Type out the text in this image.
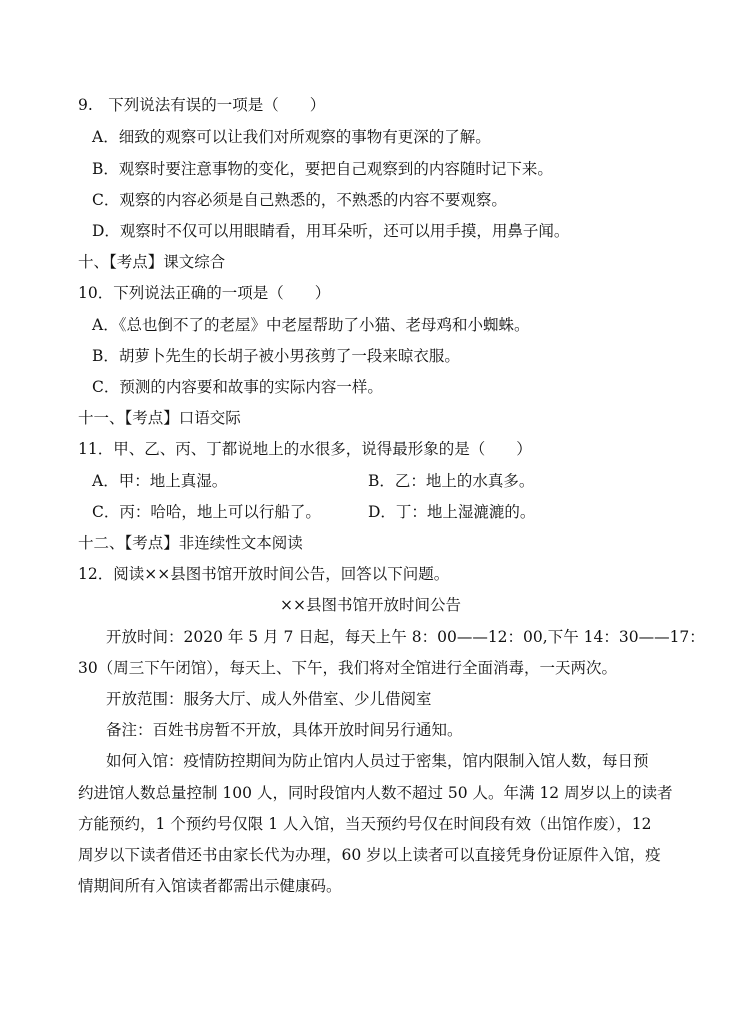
9.　下列说法有误的一项是（　　）
A．细致的观察可以让我们对所观察的事物有更深的了解。
B．观察时要注意事物的变化，要把自己观察到的内容随时记下来。
C．观察的内容必须是自己熟悉的，不熟悉的内容不要观察。
D．观察时不仅可以用眼睛看，用耳朵听，还可以用手摸，用鼻子闻。
十、【考点】课文综合
10．下列说法正确的一项是（　　）
A．《总也倒不了的老屋》中老屋帮助了小猫、老母鸡和小蜘蛛。
B．胡萝卜先生的长胡子被小男孩剪了一段来晾衣服。
C．预测的内容要和故事的实际内容一样。
十一、【考点】口语交际
11．甲、乙、丙、丁都说地上的水很多，说得最形象的是（　　）
A．甲：地上真湿。	B．乙：地上的水真多。
C．丙：哈哈，地上可以行船了。	D．丁：地上湿漉漉的。
十二、【考点】非连续性文本阅读
12．阅读××县图书馆开放时间公告，回答以下问题。
××县图书馆开放时间公告
开放时间：2020 年 5 月 7 日起，每天上午 8：00——12：00,下午 14：30——17：
30（周三下午闭馆），每天上、下午，我们将对全馆进行全面消毒，一天两次。
开放范围：服务大厅、成人外借室、少儿借阅室
备注：百姓书房暂不开放，具体开放时间另行通知。
如何入馆：疫情防控期间为防止馆内人员过于密集，馆内限制入馆人数，每日预
约进馆人数总量控制 100 人，同时段馆内人数不超过 50 人。年满 12 周岁以上的读者
方能预约，1 个预约号仅限 1 人入馆，当天预约号仅在时间段有效（出馆作废），12
周岁以下读者借还书由家长代为办理，60 岁以上读者可以直接凭身份证原件入馆，疫
情期间所有入馆读者都需出示健康码。
